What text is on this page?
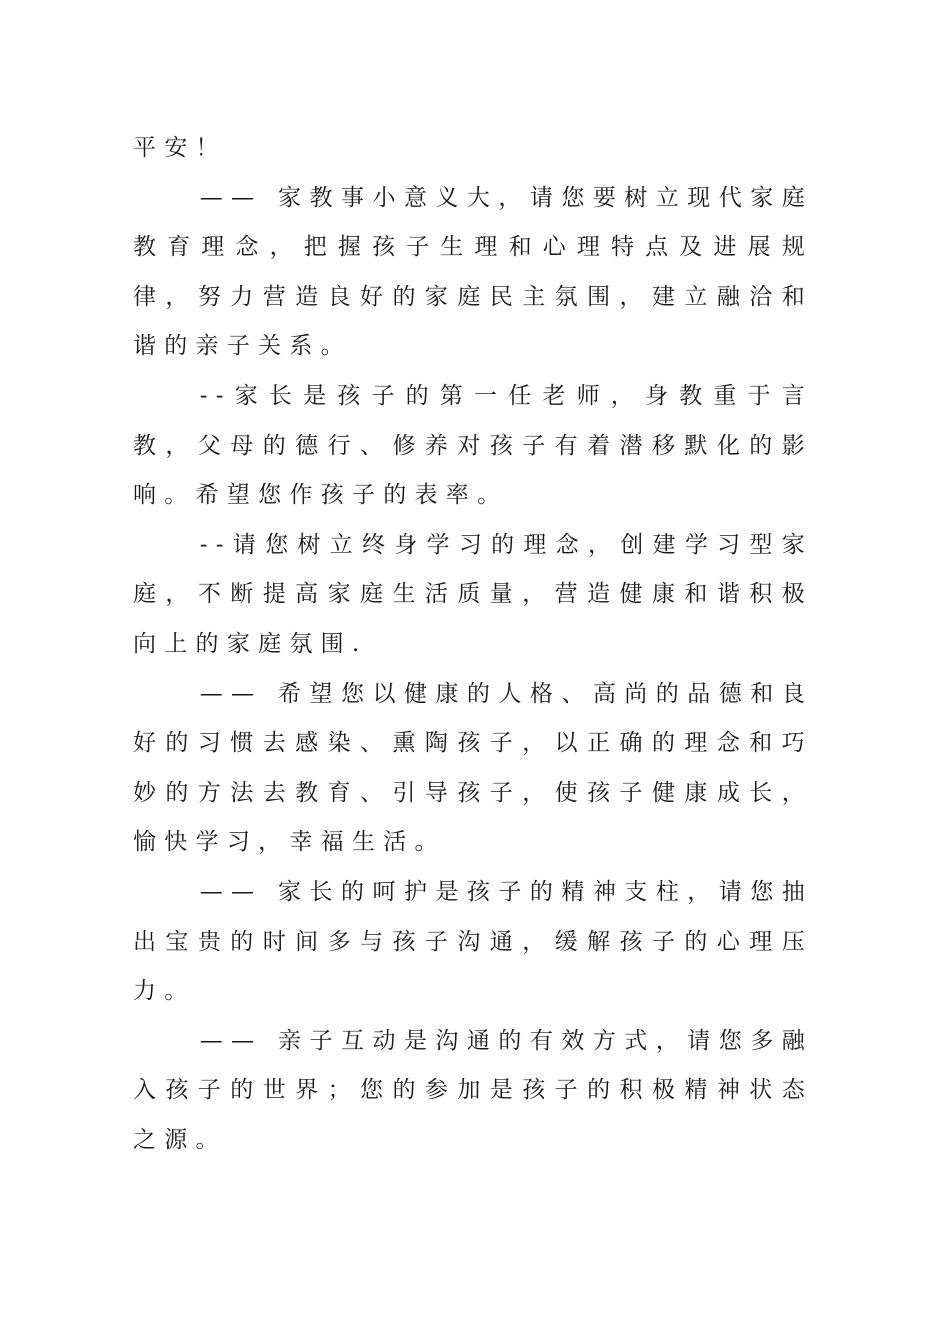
平安！

—— 家教事小意义大，请您要树立现代家庭教育理念，把握孩子生理和心理特点及进展规律，努力营造良好的家庭民主氛围，建立融洽和谐的亲子关系。

--家长是孩子的第一任老师，身教重于言教，父母的德行、修养对孩子有着潜移默化的影响。希望您作孩子的表率。

--请您树立终身学习的理念，创建学习型家庭，不断提高家庭生活质量，营造健康和谐积极向上的家庭氛围.

—— 希望您以健康的人格、高尚的品德和良好的习惯去感染、熏陶孩子，以正确的理念和巧妙的方法去教育、引导孩子，使孩子健康成长，愉快学习，幸福生活。

—— 家长的呵护是孩子的精神支柱，请您抽出宝贵的时间多与孩子沟通，缓解孩子的心理压力。

—— 亲子互动是沟通的有效方式，请您多融入孩子的世界；您的参加是孩子的积极精神状态之源。
